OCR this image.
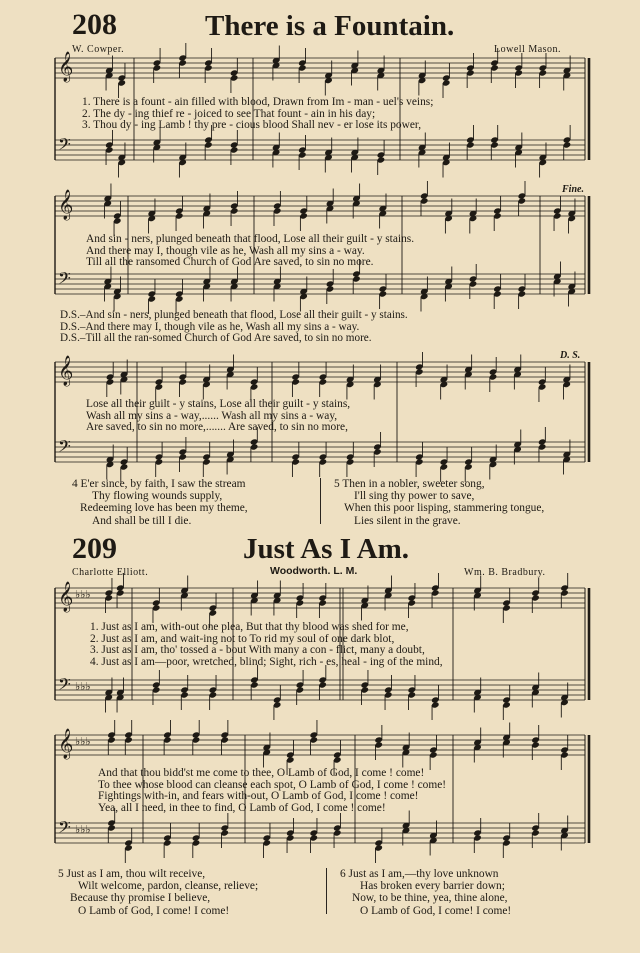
208	There is a Fountain.
W. Cowper.	Lowell Mason.
𝄞
𝄢
1. There is a fount - ain filled with blood, Drawn from Im - man - uel's veins;
2. The dy - ing thief re - joiced to see That fount - ain in his day;
3. Thou dy - ing Lamb ! thy pre - cious blood Shall nev - er lose its power,
𝄞
𝄢
Fine.
And sin - ners, plunged beneath that flood, Lose all their guilt - y stains.
And there may I, though vile as he, Wash all my sins a - way.
Till all the ransomed Church of God Are saved, to sin no more.
D.S.–And sin - ners, plunged beneath that flood, Lose all their guilt - y stains.
D.S.–And there may I, though vile as he, Wash all my sins a - way.
D.S.–Till all the ran-somed Church of God Are saved, to sin no more.
𝄞
𝄢
D. S.
Lose all their guilt - y stains, Lose all their guilt - y stains,
Wash all my sins a - way,...... Wash all my sins a - way,
Are saved, to sin no more,....... Are saved, to sin no more,
4 E'er since, by faith, I saw the stream
Thy flowing wounds supply,
Redeeming love has been my theme,
And shall be till I die.
5 Then in a nobler, sweeter song,
I'll sing thy power to save,
When this poor lisping, stammering tongue,
Lies silent in the grave.
209	Just As I Am.
Charlotte Elliott.	Woodworth. L. M.	Wm. B. Bradbury.
𝄞 ♭♭♭
𝄢 ♭♭♭
1. Just as I am, with-out one plea, But that thy blood was shed for me,
2. Just as I am, and wait-ing not to To rid my soul of one dark blot,
3. Just as I am, tho' tossed a - bout With many a con - flict, many a doubt,
4. Just as I am—poor, wretched, blind; Sight, rich - es, heal - ing of the mind,
𝄞 ♭♭♭
𝄢 ♭♭♭
And that thou bidd'st me come to thee, O Lamb of God, I come ! come!
To thee whose blood can cleanse each spot, O Lamb of God, I come ! come!
Fightings with-in, and fears with-out, O Lamb of God, I come ! come!
Yea, all I need, in thee to find, O Lamb of God, I come ! come!
5 Just as I am, thou wilt receive,
Wilt welcome, pardon, cleanse, relieve;
Because thy promise I believe,
O Lamb of God, I come! I come!
6 Just as I am,—thy love unknown
Has broken every barrier down;
Now, to be thine, yea, thine alone,
O Lamb of God, I come! I come!
